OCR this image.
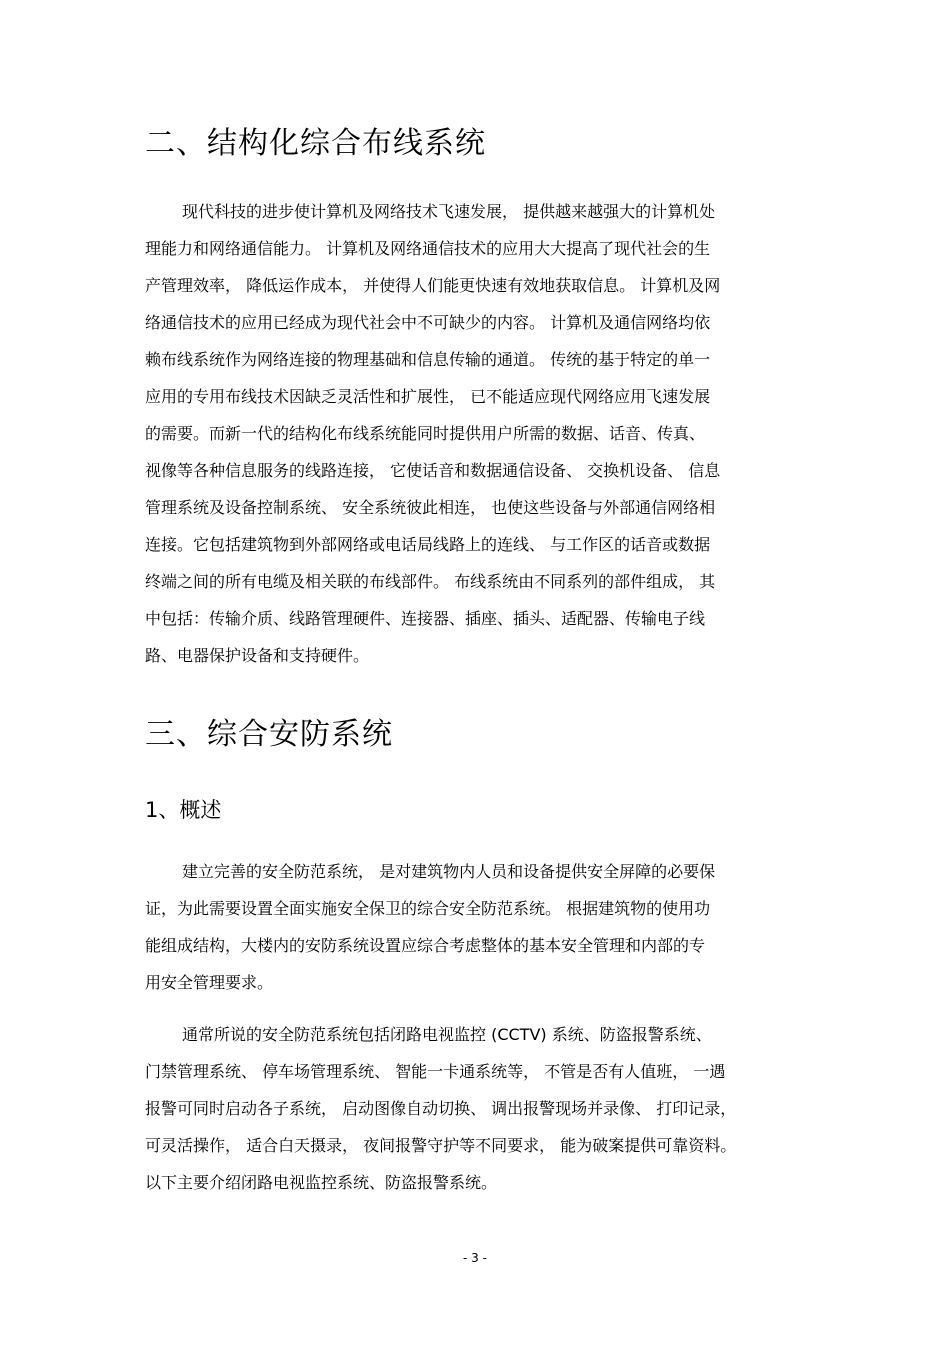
二、结构化综合布线系统
现代科技的进步使计算机及网络技术飞速发展， 提供越来越强大的计算机处
理能力和网络通信能力。 计算机及网络通信技术的应用大大提高了现代社会的生
产管理效率， 降低运作成本， 并使得人们能更快速有效地获取信息。 计算机及网
络通信技术的应用已经成为现代社会中不可缺少的内容。 计算机及通信网络均依
赖布线系统作为网络连接的物理基础和信息传输的通道。 传统的基于特定的单一
应用的专用布线技术因缺乏灵活性和扩展性， 已不能适应现代网络应用飞速发展
的需要。而新一代的结构化布线系统能同时提供用户所需的数据、话音、传真、
视像等各种信息服务的线路连接， 它使话音和数据通信设备、 交换机设备、 信息
管理系统及设备控制系统、 安全系统彼此相连， 也使这些设备与外部通信网络相
连接。它包括建筑物到外部网络或电话局线路上的连线、 与工作区的话音或数据
终端之间的所有电缆及相关联的布线部件。 布线系统由不同系列的部件组成， 其
中包括：传输介质、线路管理硬件、连接器、插座、插头、适配器、传输电子线
路、电器保护设备和支持硬件。
三、综合安防系统
1、概述
建立完善的安全防范系统， 是对建筑物内人员和设备提供安全屏障的必要保
证，为此需要设置全面实施安全保卫的综合安全防范系统。 根据建筑物的使用功
能组成结构，大楼内的安防系统设置应综合考虑整体的基本安全管理和内部的专
用安全管理要求。
通常所说的安全防范系统包括闭路电视监控 (CCTV) 系统、防盗报警系统、
门禁管理系统、 停车场管理系统、 智能一卡通系统等， 不管是否有人值班， 一遇
报警可同时启动各子系统， 启动图像自动切换、 调出报警现场并录像、 打印记录，
可灵活操作， 适合白天摄录， 夜间报警守护等不同要求， 能为破案提供可靠资料。
以下主要介绍闭路电视监控系统、防盗报警系统。
- 3 -
